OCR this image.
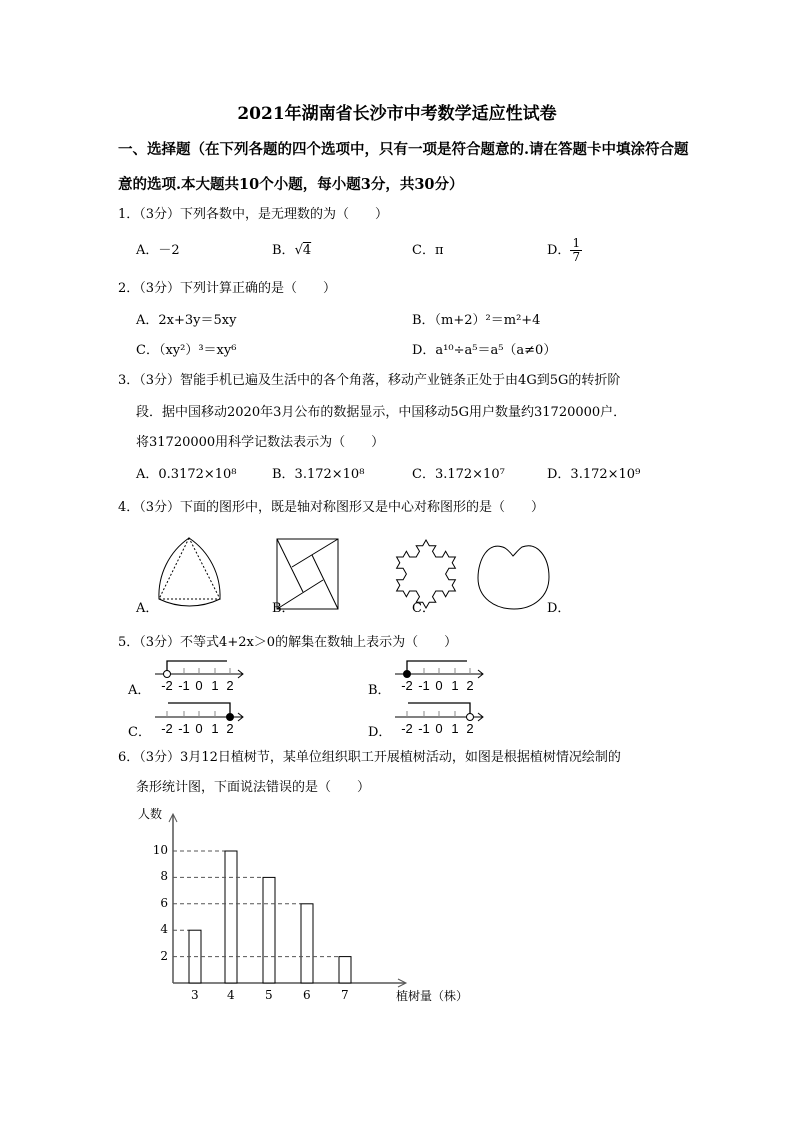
2021年湖南省长沙市中考数学适应性试卷
一、选择题（在下列各题的四个选项中，只有一项是符合题意的.请在答题卡中填涂符合题
意的选项.本大题共10个小题，每小题3分，共30分）
1．（3分）下列各数中，是无理数的为（　　）
A．－2	B．√4	C．π	D． $\frac{1}{7}$
2．（3分）下列计算正确的是（　　）
A．2x+3y＝5xy	B．（m+2）²＝m²+4
C．（xy²）³＝xy⁶	D．a¹⁰÷a⁵＝a⁵（a≠0）
3．（3分）智能手机已遍及生活中的各个角落，移动产业链条正处于由4G到5G的转折阶
段．据中国移动2020年3月公布的数据显示，中国移动5G用户数量约31720000户．
将31720000用科学记数法表示为（　　）
A．0.3172×10⁸	B．3.172×10⁸	C．3.172×10⁷	D．3.172×10⁹
4．（3分）下面的图形中，既是轴对称图形又是中心对称图形的是（　　）
A．	B．	C．	D．
5．（3分）不等式4+2x＞0的解集在数轴上表示为（　　）
A．	B．
C．	D．
-2 -1 0 1 2	-2 -1 0 1 2
-2 -1 0 1 2	-2 -1 0 1 2
6．（3分）3月12日植树节，某单位组织职工开展植树活动，如图是根据植树情况绘制的
条形统计图，下面说法错误的是（　　）
人数
植树量（株）
3 4	5	6	7
2
4
6
8
10
